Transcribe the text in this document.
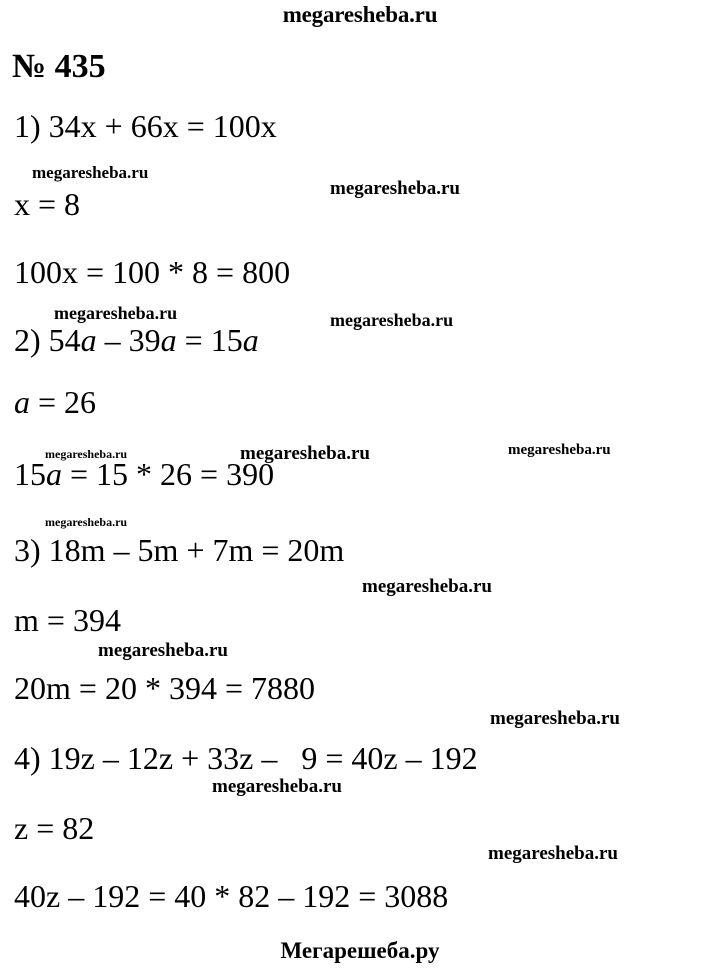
megaresheba.ru
№ 435
1) 34x + 66x = 100x
x = 8
100x = 100 * 8 = 800
2) 54a – 39a = 15a
a = 26
15a = 15 * 26 = 390
3) 18m – 5m + 7m = 20m
m = 394
20m = 20 * 394 = 7880
4) 19z – 12z + 33z –   9 = 40z – 192
z = 82
40z – 192 = 40 * 82 – 192 = 3088
megaresheba.ru
megaresheba.ru
megaresheba.ru	megaresheba.ru
megaresheba.ru	megaresheba.ru	megaresheba.ru
megaresheba.ru
megaresheba.ru
megaresheba.ru
megaresheba.ru
megaresheba.ru
megaresheba.ru
Мегарешеба.ру
